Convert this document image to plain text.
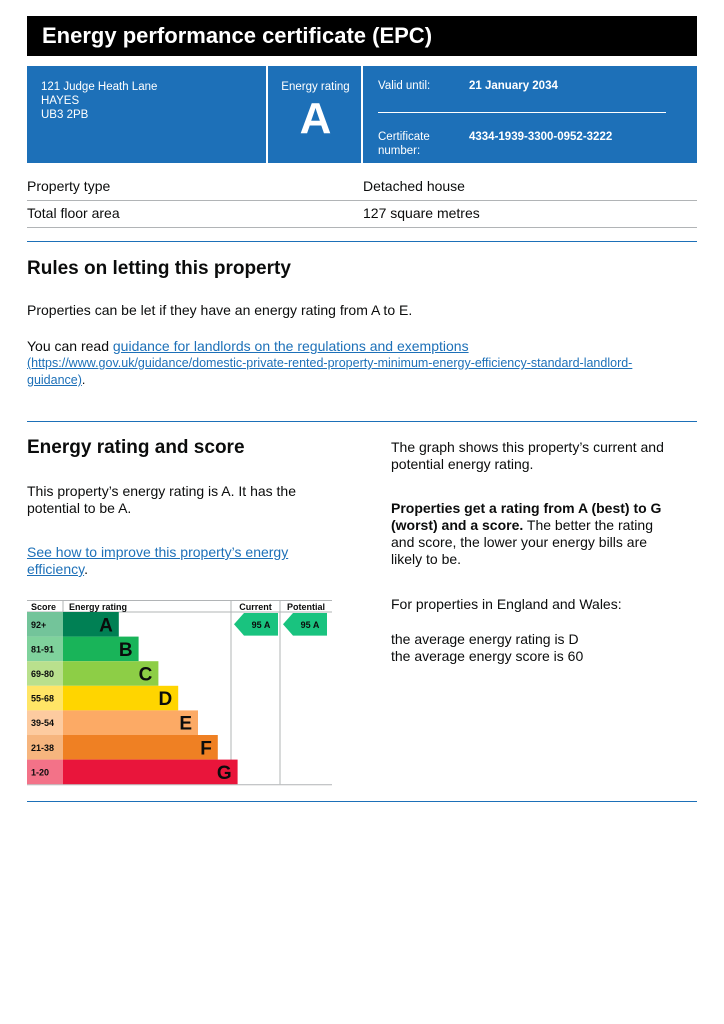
Energy performance certificate (EPC)
121 Judge Heath Lane
HAYES
UB3 2PB
Energy rating
A
Valid until:	21 January 2034
Certificate
number:
4334-1939-3300-0952-3222
Property type	Detached house
Total floor area	127 square metres
Rules on letting this property

Properties can be let if they have an energy rating from A to E.

You can read guidance for landlords on the regulations and exemptions
(https://www.gov.uk/guidance/domestic-private-rented-property-minimum-energy-efficiency-standard-landlord-
guidance).
Energy rating and score

This property’s energy rating is A. It has the

potential to be A.

See how to improve this property’s energy
efficiency.

The graph shows this property’s current and

potential energy rating.

Properties get a rating from A (best) to G

(worst) and a score. The better the rating

and score, the lower your energy bills are

likely to be.

For properties in England and Wales:

the average energy rating is D

the average energy score is 60

Score Energy rating	Current Potential
92+	A
81-91	B
69-80	C
55-68	D
39-54	E
21-38	F
1-20	G
95 A	95 A
